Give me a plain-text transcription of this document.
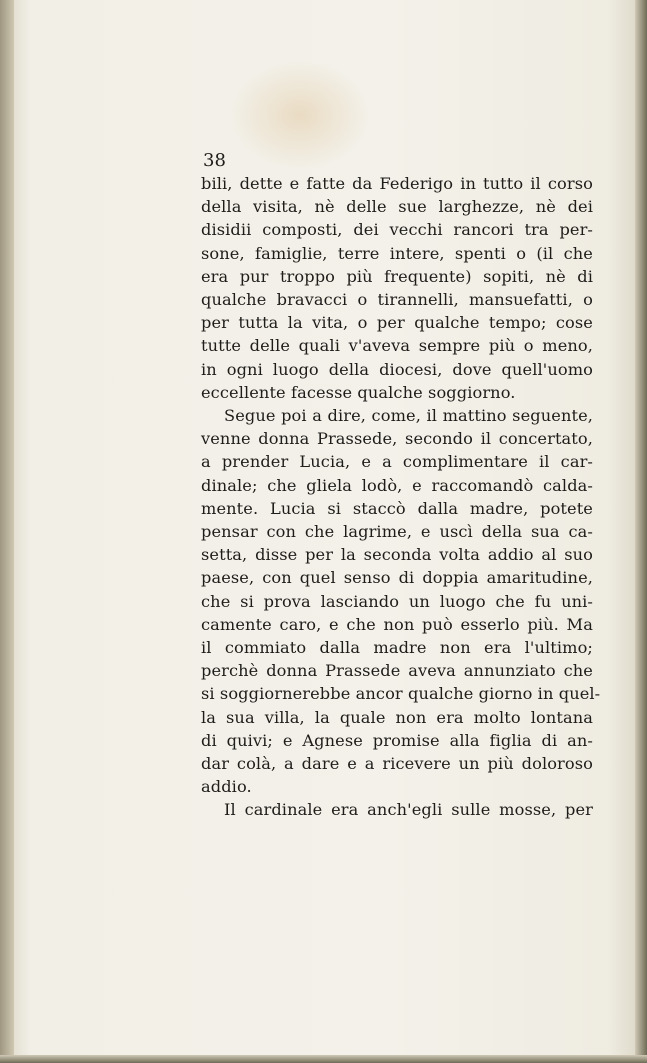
38
bili, dette e fatte da Federigo in tutto il corso
della visita, nè delle sue larghezze, nè dei
disidii composti, dei vecchi rancori tra per-
sone, famiglie, terre intere, spenti o (il che
era pur troppo più frequente) sopiti, nè di
qualche bravacci o tirannelli, mansuefatti, o
per tutta la vita, o per qualche tempo; cose
tutte delle quali v'aveva sempre più o meno,
in ogni luogo della diocesi, dove quell'uomo
eccellente facesse qualche soggiorno.
Segue poi a dire, come, il mattino seguente,
venne donna Prassede, secondo il concertato,
a prender Lucia, e a complimentare il car-
dinale; che gliela lodò, e raccomandò calda-
mente. Lucia si staccò dalla madre, potete
pensar con che lagrime, e uscì della sua ca-
setta, disse per la seconda volta addio al suo
paese, con quel senso di doppia amaritudine,
che si prova lasciando un luogo che fu uni-
camente caro, e che non può esserlo più. Ma
il commiato dalla madre non era l'ultimo;
perchè donna Prassede aveva annunziato che
si soggiornerebbe ancor qualche giorno in quel-
la sua villa, la quale non era molto lontana
di quivi; e Agnese promise alla figlia di an-
dar colà, a dare e a ricevere un più doloroso
addio.
Il cardinale era anch'egli sulle mosse, per
